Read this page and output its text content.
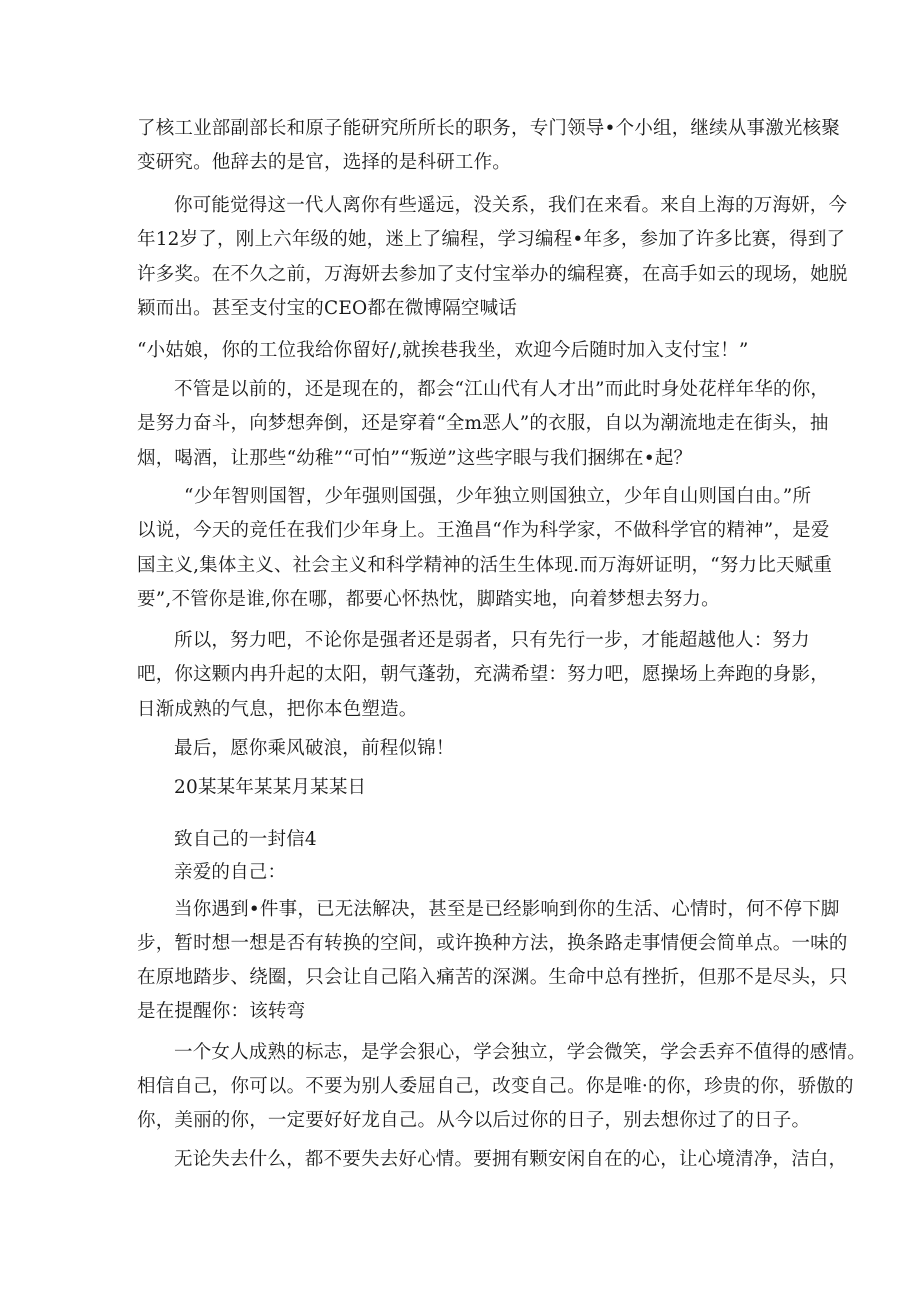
了核工业部副部长和原子能研究所所长的职务，专门领导•个小组，继续从事激光核聚
变研究。他辞去的是官，选择的是科研工作。
你可能觉得这一代人离你有些遥远，没关系，我们在来看。来自上海的万海妍，今
年12岁了，刚上六年级的她，迷上了编程，学习编程•年多，参加了许多比赛，得到了
许多奖。在不久之前，万海妍去参加了支付宝举办的编程赛，在高手如云的现场，她脱
颖而出。甚至支付宝的CEO都在微博隔空喊话
“小姑娘，你的工位我给你留好/,就挨巷我坐，欢迎今后随时加入支付宝！”
不管是以前的，还是现在的，都会“江山代有人才出”而此时身处花样年华的你，
是努力奋斗，向梦想奔倒，还是穿着“全m恶人”的衣服，自以为潮流地走在街头，抽
烟，喝酒，让那些“幼稚”“可怕”“叛逆”这些字眼与我们捆绑在•起？
“少年智则国智，少年强则国强，少年独立则国独立，少年自山则国白由。”所
以说，今天的竞任在我们少年身上。王渔昌“作为科学家，不做科学官的精神”，是爱
国主义,集体主义、社会主义和科学精神的活生生体现.而万海妍证明，“努力比天赋重
要”,不管你是谁,你在哪，都要心怀热忱，脚踏实地，向着梦想去努力。
所以，努力吧，不论你是强者还是弱者，只有先行一步，才能超越他人：努力
吧，你这颗内冉升起的太阳，朝气蓬勃，充满希望：努力吧，愿操场上奔跑的身影，
日渐成熟的气息，把你本色塑造。
最后，愿你乘风破浪，前程似锦！
20某某年某某月某某日
致自己的一封信4
亲爱的自己：
当你遇到•件事，已无法解决，甚至是已经影响到你的生活、心情时，何不停下脚
步，暂时想一想是否有转换的空间，或许换种方法，换条路走事情便会简单点。一味的
在原地踏步、绕圈，只会让自己陷入痛苦的深渊。生命中总有挫折，但那不是尽头，只
是在提醒你：该转弯
一个女人成熟的标志，是学会狠心，学会独立，学会微笑，学会丢弃不值得的感情。
相信自己，你可以。不要为别人委屈自己，改变自己。你是唯·的你，珍贵的你，骄傲的
你，美丽的你，一定要好好龙自己。从今以后过你的日子，别去想你过了的日子。
无论失去什么，都不要失去好心情。要拥有颗安闲自在的心，让心境清净，洁白，
